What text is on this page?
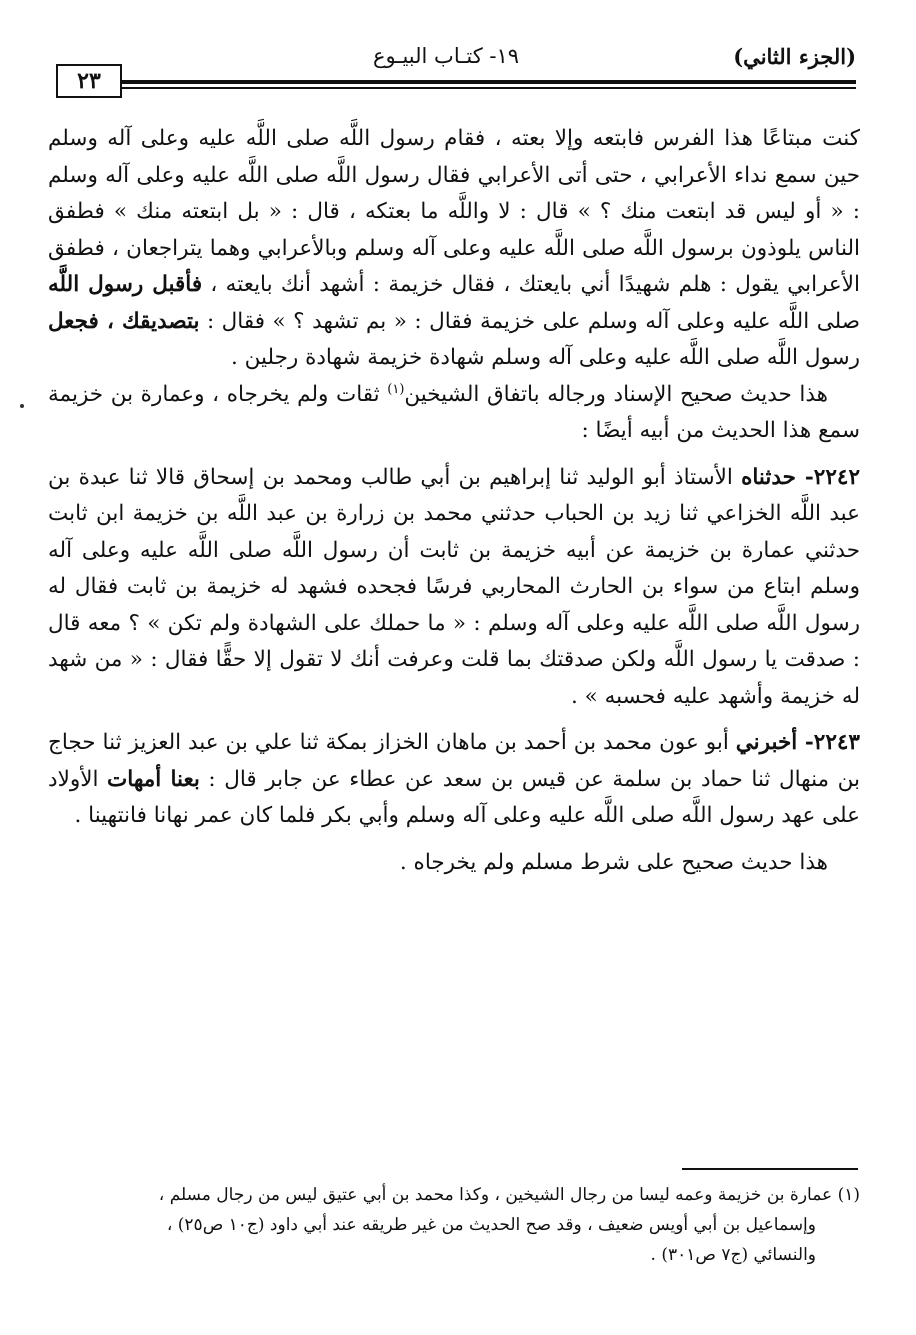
٢٣
١٩- كتـاب البيـوع	(الجزء الثاني)

كنت مبتاعًا هذا الفرس فابتعه وإلا بعته ، فقام رسول اللَّه صلى اللَّه عليه وعلى آله وسلم حين سمع نداء الأعرابي ، حتى أتى الأعرابي فقال رسول اللَّه صلى اللَّه عليه وعلى آله وسلم : « أو ليس قد ابتعت منك ؟ » قال : لا واللَّه ما بعتكه ، قال : « بل ابتعته منك » فطفق الناس يلوذون برسول اللَّه صلى اللَّه عليه وعلى آله وسلم وبالأعرابي وهما يتراجعان ، فطفق الأعرابي يقول : هلم شهيدًا أني بايعتك ، فقال خزيمة : أشهد أنك بايعته ، فأقبل رسول اللَّه صلى اللَّه عليه وعلى آله وسلم على خزيمة فقال : « بم تشهد ؟ » فقال : بتصديقك ، فجعل رسول اللَّه صلى اللَّه عليه وعلى آله وسلم شهادة خزيمة شهادة رجلين .

هذا حديث صحيح الإسناد ورجاله باتفاق الشيخين$^{(١)}$ ثقات ولم يخرجاه ، وعمارة بن خزيمة سمع هذا الحديث من أبيه أيضًا :

٢٢٤٢- حدثناه الأستاذ أبو الوليد ثنا إبراهيم بن أبي طالب ومحمد بن إسحاق قالا ثنا عبدة بن عبد اللَّه الخزاعي ثنا زيد بن الحباب حدثني محمد بن زرارة بن عبد اللَّه بن خزيمة ابن ثابت حدثني عمارة بن خزيمة عن أبيه خزيمة بن ثابت أن رسول اللَّه صلى اللَّه عليه وعلى آله وسلم ابتاع من سواء بن الحارث المحاربي فرسًا فجحده فشهد له خزيمة بن ثابت فقال له رسول اللَّه صلى اللَّه عليه وعلى آله وسلم : « ما حملك على الشهادة ولم تكن » ؟ معه قال : صدقت يا رسول اللَّه ولكن صدقتك بما قلت وعرفت أنك لا تقول إلا حقًّا فقال : « من شهد له خزيمة وأشهد عليه فحسبه » .

٢٢٤٣- أخبرني أبو عون محمد بن أحمد بن ماهان الخزاز بمكة ثنا علي بن عبد العزيز ثنا حجاج بن منهال ثنا حماد بن سلمة عن قيس بن سعد عن عطاء عن جابر قال : بعنا أمهات الأولاد على عهد رسول اللَّه صلى اللَّه عليه وعلى آله وسلم وأبي بكر فلما كان عمر نهانا فانتهينا .

هذا حديث صحيح على شرط مسلم ولم يخرجاه .

(١) عمارة بن خزيمة وعمه ليسا من رجال الشيخين ، وكذا محمد بن أبي عتيق ليس من رجال مسلم ،
وإسماعيل بن أبي أويس ضعيف ، وقد صح الحديث من غير طريقه عند أبي داود (ج١٠ ص٢٥) ،
والنسائي (ج٧ ص٣٠١) .
